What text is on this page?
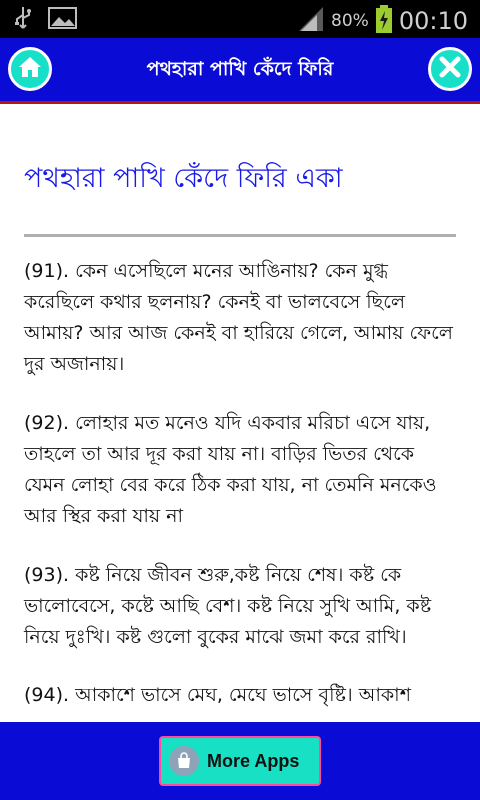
80% 00:10
পথহারা পাখি কেঁদে ফিরি
পথহারা পাখি কেঁদে ফিরি একা
(91). কেন এসেছিলে মনের আঙিনায়? কেন মুগ্ধ করেছিলে কথার ছলনায়? কেনই বা ভালবেসে ছিলে আমায়? আর আজ কেনই বা হারিয়ে গেলে, আমায় ফেলে দুর অজানায়।
(92). লোহার মত মনেও যদি একবার মরিচা এসে যায়, তাহলে তা আর দূর করা যায় না। বাড়ির ভিতর থেকে যেমন লোহা বের করে ঠিক করা যায়, না তেমনি মনকেও আর স্থির করা যায় না
(93). কষ্ট নিয়ে জীবন শুরু,কষ্ট নিয়ে শেষ। কষ্ট কে ভালোবেসে, কষ্টে আছি বেশ। কষ্ট নিয়ে সুখি আমি, কষ্ট নিয়ে দুঃখি। কষ্ট গুলো বুকের মাঝে জমা করে রাখি।
(94). আকাশে ভাসে মেঘ, মেঘে ভাসে বৃষ্টি। আকাশ
More Apps
